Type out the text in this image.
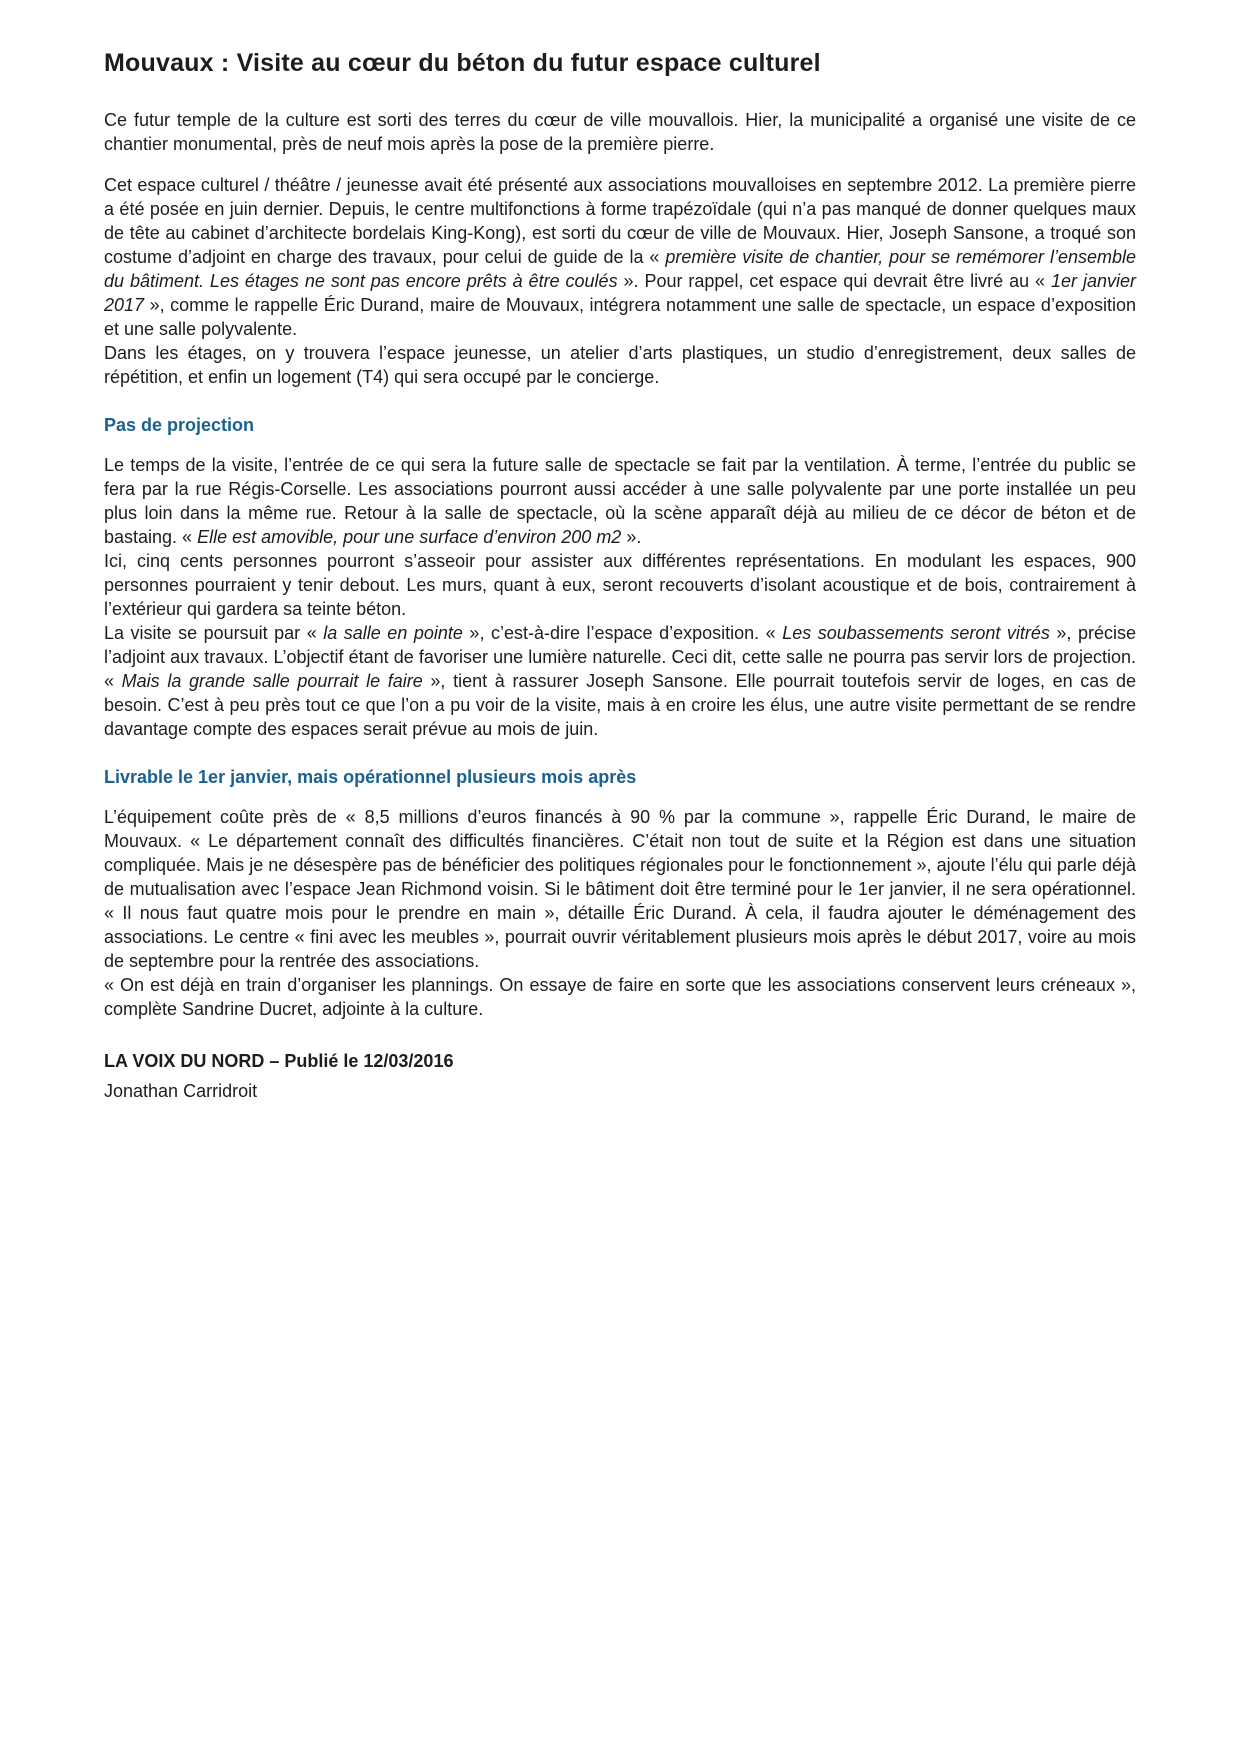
Mouvaux : Visite au cœur du béton du futur espace culturel

Ce futur temple de la culture est sorti des terres du cœur de ville mouvallois. Hier, la municipalité a organisé une visite de ce chantier monumental, près de neuf mois après la pose de la première pierre.

Cet espace culturel / théâtre / jeunesse avait été présenté aux associations mouvalloises en septembre 2012. La première pierre a été posée en juin dernier. Depuis, le centre multifonctions à forme trapézoïdale (qui n’a pas manqué de donner quelques maux de tête au cabinet d’architecte bordelais King-Kong), est sorti du cœur de ville de Mouvaux. Hier, Joseph Sansone, a troqué son costume d’adjoint en charge des travaux, pour celui de guide de la « première visite de chantier, pour se remémorer l’ensemble du bâtiment. Les étages ne sont pas encore prêts à être coulés ». Pour rappel, cet espace qui devrait être livré au « 1er janvier 2017 », comme le rappelle Éric Durand, maire de Mouvaux, intégrera notamment une salle de spectacle, un espace d’exposition et une salle polyvalente.

Dans les étages, on y trouvera l’espace jeunesse, un atelier d’arts plastiques, un studio d’enregistrement, deux salles de répétition, et enfin un logement (T4) qui sera occupé par le concierge.

Pas de projection

Le temps de la visite, l’entrée de ce qui sera la future salle de spectacle se fait par la ventilation. À terme, l’entrée du public se fera par la rue Régis-Corselle. Les associations pourront aussi accéder à une salle polyvalente par une porte installée un peu plus loin dans la même rue. Retour à la salle de spectacle, où la scène apparaît déjà au milieu de ce décor de béton et de bastaing. « Elle est amovible, pour une surface d’environ 200 m2 ».

Ici, cinq cents personnes pourront s’asseoir pour assister aux différentes représentations. En modulant les espaces, 900 personnes pourraient y tenir debout. Les murs, quant à eux, seront recouverts d’isolant acoustique et de bois, contrairement à l’extérieur qui gardera sa teinte béton.

La visite se poursuit par « la salle en pointe », c’est-à-dire l’espace d’exposition. « Les soubassements seront vitrés », précise l’adjoint aux travaux. L’objectif étant de favoriser une lumière naturelle. Ceci dit, cette salle ne pourra pas servir lors de projection. « Mais la grande salle pourrait le faire », tient à rassurer Joseph Sansone. Elle pourrait toutefois servir de loges, en cas de besoin. C’est à peu près tout ce que l’on a pu voir de la visite, mais à en croire les élus, une autre visite permettant de se rendre davantage compte des espaces serait prévue au mois de juin.

Livrable le 1er janvier, mais opérationnel plusieurs mois après

L’équipement coûte près de « 8,5 millions d’euros financés à 90 % par la commune », rappelle Éric Durand, le maire de Mouvaux. « Le département connaît des difficultés financières. C’était non tout de suite et la Région est dans une situation compliquée. Mais je ne désespère pas de bénéficier des politiques régionales pour le fonctionnement », ajoute l’élu qui parle déjà de mutualisation avec l’espace Jean Richmond voisin. Si le bâtiment doit être terminé pour le 1er janvier, il ne sera opérationnel. « Il nous faut quatre mois pour le prendre en main », détaille Éric Durand. À cela, il faudra ajouter le déménagement des associations. Le centre « fini avec les meubles », pourrait ouvrir véritablement plusieurs mois après le début 2017, voire au mois de septembre pour la rentrée des associations.

« On est déjà en train d’organiser les plannings. On essaye de faire en sorte que les associations conservent leurs créneaux », complète Sandrine Ducret, adjointe à la culture.

LA VOIX DU NORD – Publié le 12/03/2016

Jonathan Carridroit
